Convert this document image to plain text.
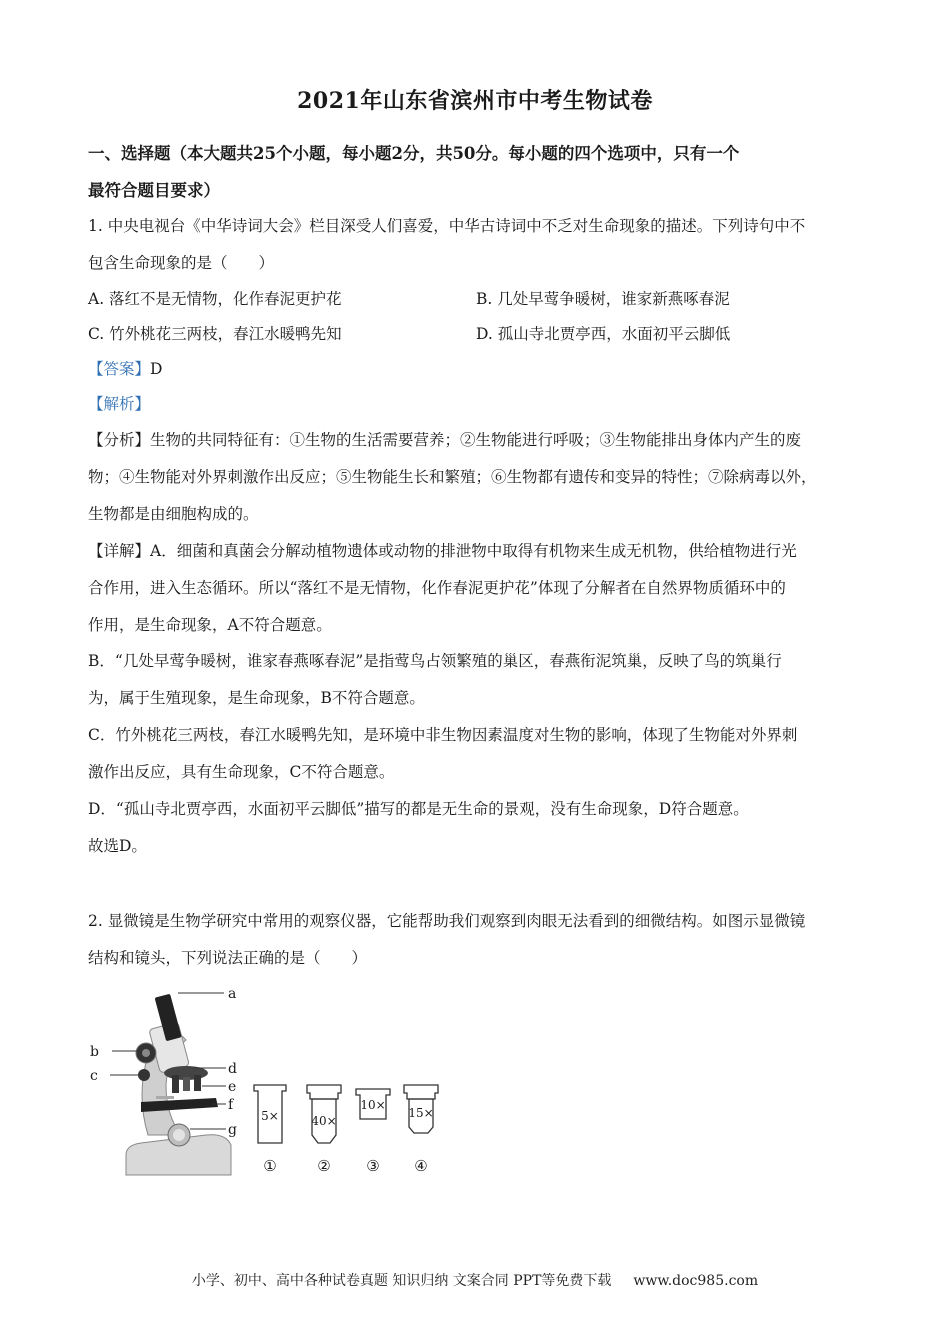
2021年山东省滨州市中考生物试卷
一、选择题（本大题共25个小题，每小题2分，共50分。每小题的四个选项中，只有一个
最符合题目要求）
1. 中央电视台《中华诗词大会》栏目深受人们喜爱，中华古诗词中不乏对生命现象的描述。下列诗句中不
包含生命现象的是（　　）
A. 落红不是无情物，化作春泥更护花	B. 几处早莺争暖树，谁家新燕啄春泥
C. 竹外桃花三两枝，春江水暖鸭先知	D. 孤山寺北贾亭西，水面初平云脚低
【答案】D
【解析】
【分析】生物的共同特征有：①生物的生活需要营养；②生物能进行呼吸；③生物能排出身体内产生的废
物；④生物能对外界刺激作出反应；⑤生物能生长和繁殖；⑥生物都有遗传和变异的特性；⑦除病毒以外，
生物都是由细胞构成的。
【详解】A．细菌和真菌会分解动植物遗体或动物的排泄物中取得有机物来生成无机物，供给植物进行光
合作用，进入生态循环。所以“落红不是无情物，化作春泥更护花”体现了分解者在自然界物质循环中的
作用，是生命现象，A不符合题意。
B．“几处早莺争暖树，谁家春燕啄春泥”是指莺鸟占领繁殖的巢区，春燕衔泥筑巢，反映了鸟的筑巢行
为，属于生殖现象，是生命现象，B不符合题意。
C．竹外桃花三两枝，春江水暖鸭先知，是环境中非生物因素温度对生物的影响，体现了生物能对外界刺
激作出反应，具有生命现象，C不符合题意。
D．“孤山寺北贾亭西，水面初平云脚低”描写的都是无生命的景观，没有生命现象，D符合题意。
故选D。
2. 显微镜是生物学研究中常用的观察仪器，它能帮助我们观察到肉眼无法看到的细微结构。如图示显微镜
结构和镜头，下列说法正确的是（　　）
a
b
c	d
e
f
g
5×	40×
10×
15×
①	② ③ ④
小学、初中、高中各种试卷真题 知识归纳 文案合同 PPT等免费下载 www.doc985.com
